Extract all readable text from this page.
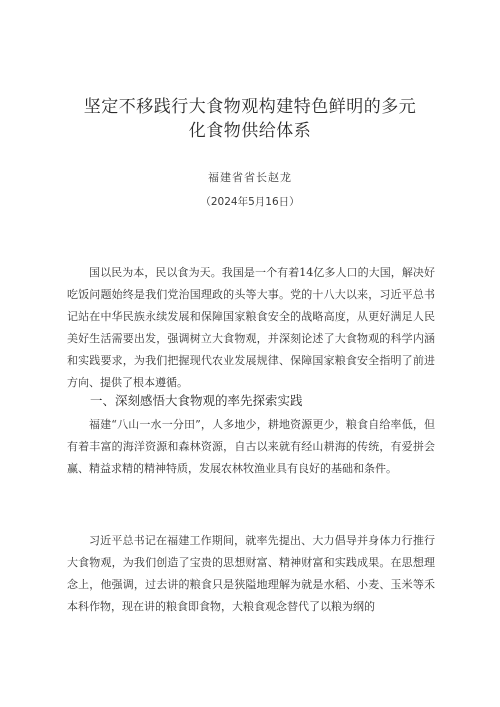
坚定不移践行大食物观构建特色鲜明的多元
化食物供给体系
福建省省长赵龙
（2024年5月16日）

国以民为本，民以食为天。我国是一个有着14亿多人口的大国，解决好吃饭问题始终是我们党治国理政的头等大事。党的十八大以来，习近平总书记站在中华民族永续发展和保障国家粮食安全的战略高度，从更好满足人民美好生活需要出发，强调树立大食物观，并深刻论述了大食物观的科学内涵和实践要求，为我们把握现代农业发展规律、保障国家粮食安全指明了前进方向、提供了根本遵循。

一、深刻感悟大食物观的率先探索实践

福建“八山一水一分田”，人多地少，耕地资源更少，粮食自给率低，但有着丰富的海洋资源和森林资源，自古以来就有经山耕海的传统，有爱拼会赢、精益求精的精神特质，发展农林牧渔业具有良好的基础和条件。

习近平总书记在福建工作期间，就率先提出、大力倡导并身体力行推行大食物观，为我们创造了宝贵的思想财富、精神财富和实践成果。在思想理念上，他强调，过去讲的粮食只是狭隘地理解为就是水稻、小麦、玉米等禾本科作物，现在讲的粮食即食物，大粮食观念替代了以粮为纲的
